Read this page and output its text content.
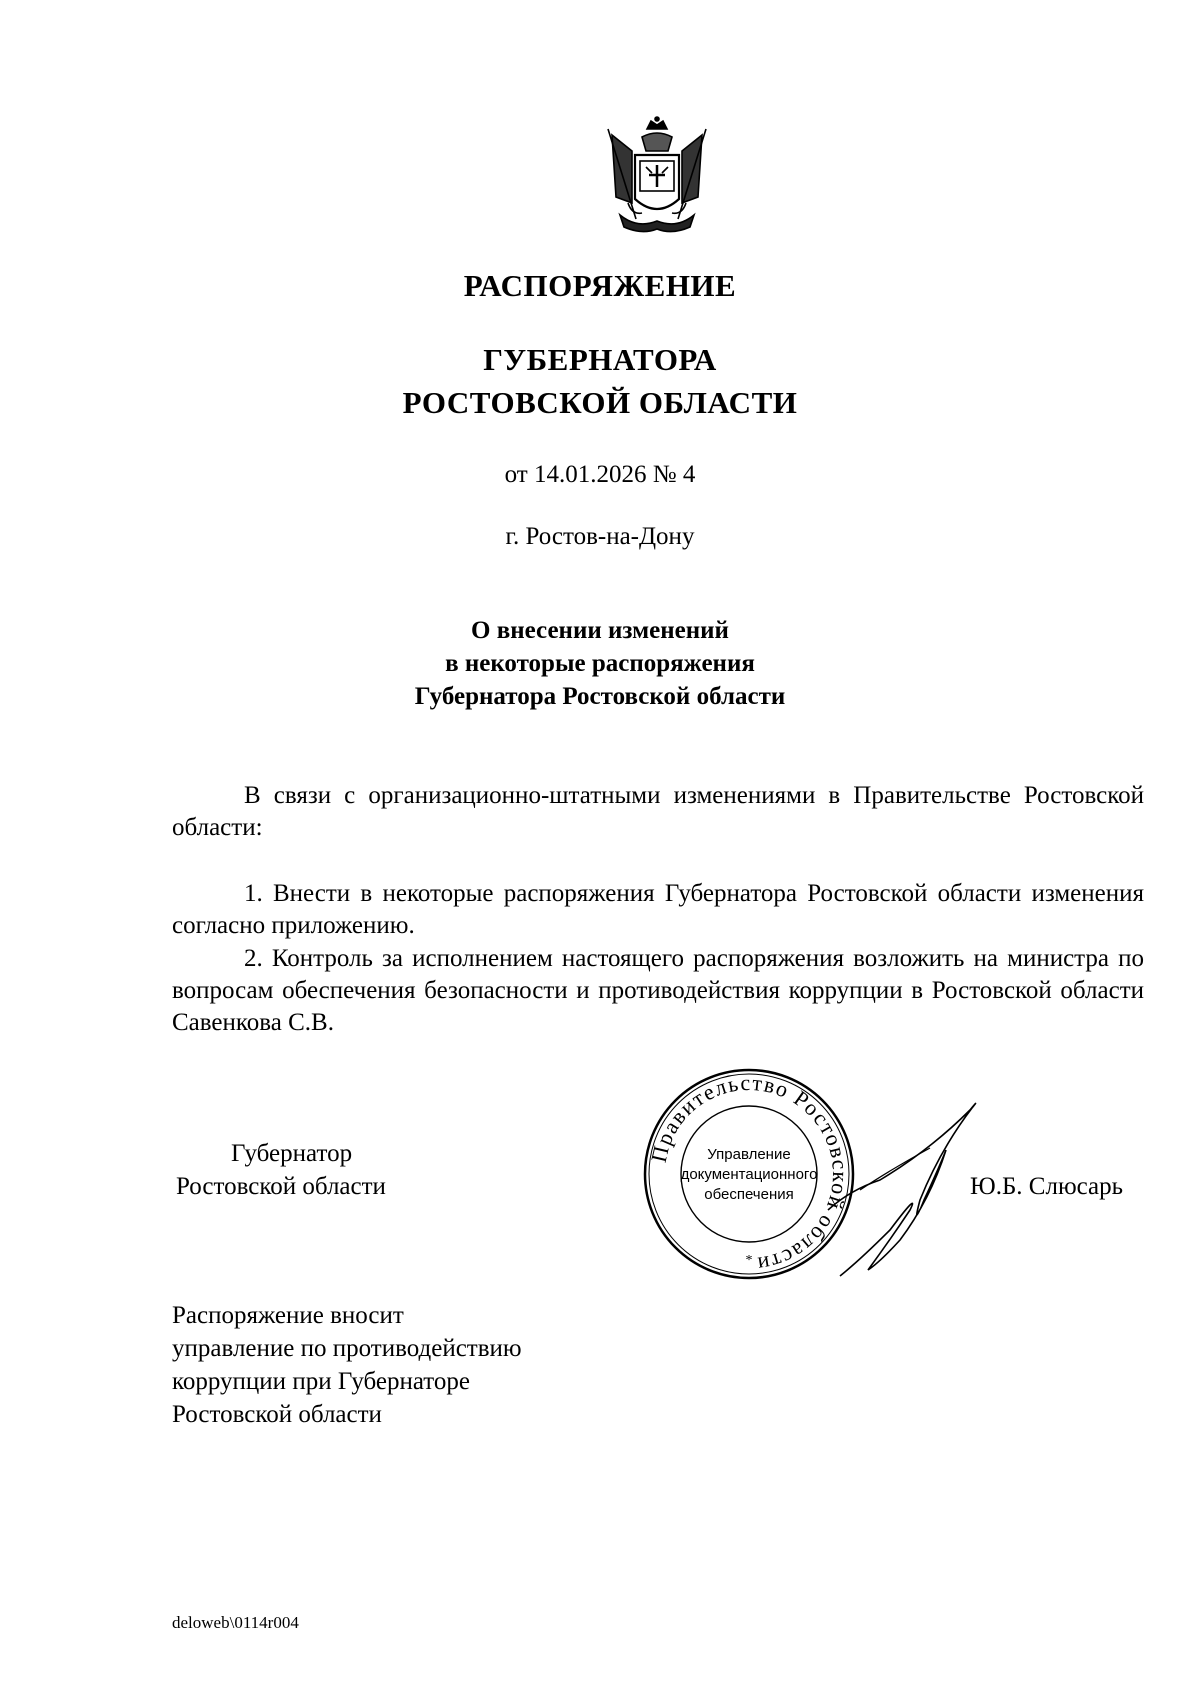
РАСПОРЯЖЕНИЕ
ГУБЕРНАТОРА
РОСТОВСКОЙ ОБЛАСТИ
от 14.01.2026 № 4
г. Ростов-на-Дону
О внесении изменений
в некоторые распоряжения
Губернатора Ростовской области
В связи с организационно-штатными изменениями в Правительстве Ростовской области:
1. Внести в некоторые распоряжения Губернатора Ростовской области изменения согласно приложению.
2. Контроль за исполнением настоящего распоряжения возложить на министра по вопросам обеспечения безопасности и противодействия коррупции в Ростовской области Савенкова С.В.
Губернатор
Ростовской области	Ю.Б. Слюсарь
Правительство Ростовской области
Управление
документационного
обеспечения
*
Распоряжение вносит
управление по противодействию
коррупции при Губернаторе
Ростовской области
deloweb\0114r004
